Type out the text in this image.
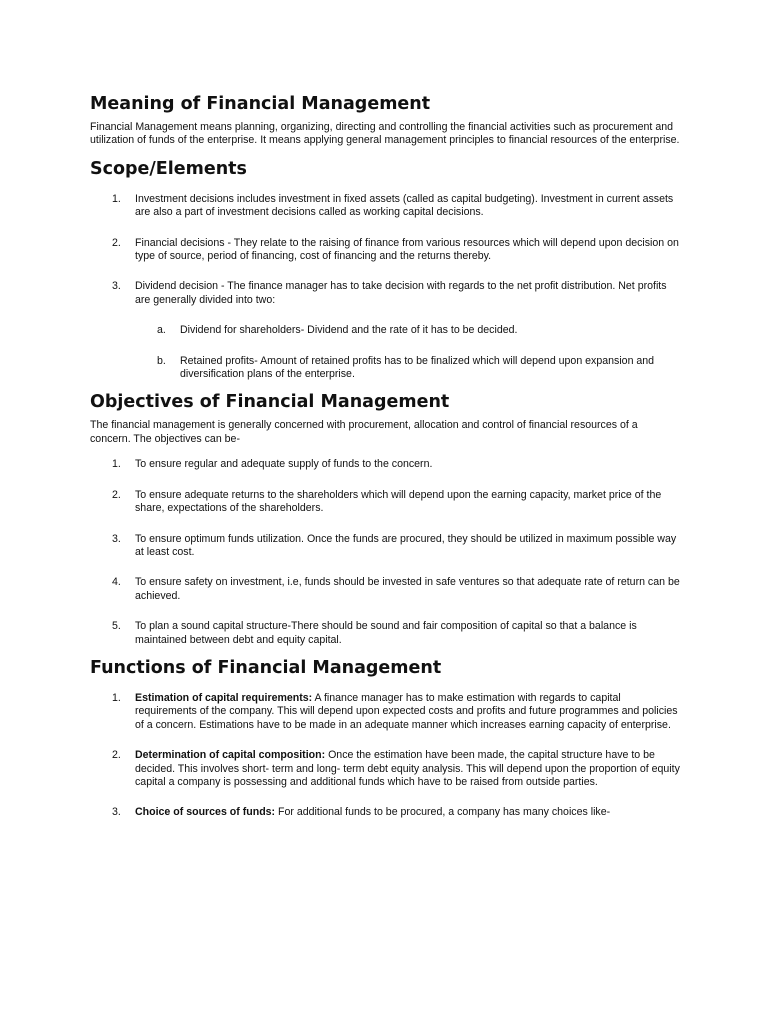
Meaning of Financial Management

Financial Management means planning, organizing, directing and controlling the financial activities such as procurement and utilization of funds of the enterprise. It means applying general management principles to financial resources of the enterprise.

Scope/Elements
1. Investment decisions includes investment in fixed assets (called as capital budgeting). Investment in current assets are also a part of investment decisions called as working capital decisions.
2. Financial decisions - They relate to the raising of finance from various resources which will depend upon decision on type of source, period of financing, cost of financing and the returns thereby.
3. Dividend decision - The finance manager has to take decision with regards to the net profit distribution. Net profits are generally divided into two:
a. Dividend for shareholders- Dividend and the rate of it has to be decided.
b. Retained profits- Amount of retained profits has to be finalized which will depend upon expansion and diversification plans of the enterprise.
Objectives of Financial Management

The financial management is generally concerned with procurement, allocation and control of financial resources of a concern. The objectives can be-

1. To ensure regular and adequate supply of funds to the concern.
2. To ensure adequate returns to the shareholders which will depend upon the earning capacity, market price of the share, expectations of the shareholders.
3. To ensure optimum funds utilization. Once the funds are procured, they should be utilized in maximum possible way at least cost.
4. To ensure safety on investment, i.e, funds should be invested in safe ventures so that adequate rate of return can be achieved.
5. To plan a sound capital structure-There should be sound and fair composition of capital so that a balance is maintained between debt and equity capital.
Functions of Financial Management
1. Estimation of capital requirements: A finance manager has to make estimation with regards to capital requirements of the company. This will depend upon expected costs and profits and future programmes and policies of a concern. Estimations have to be made in an adequate manner which increases earning capacity of enterprise.
2. Determination of capital composition: Once the estimation have been made, the capital structure have to be decided. This involves short- term and long- term debt equity analysis. This will depend upon the proportion of equity capital a company is possessing and additional funds which have to be raised from outside parties.
3. Choice of sources of funds: For additional funds to be procured, a company has many choices like-
